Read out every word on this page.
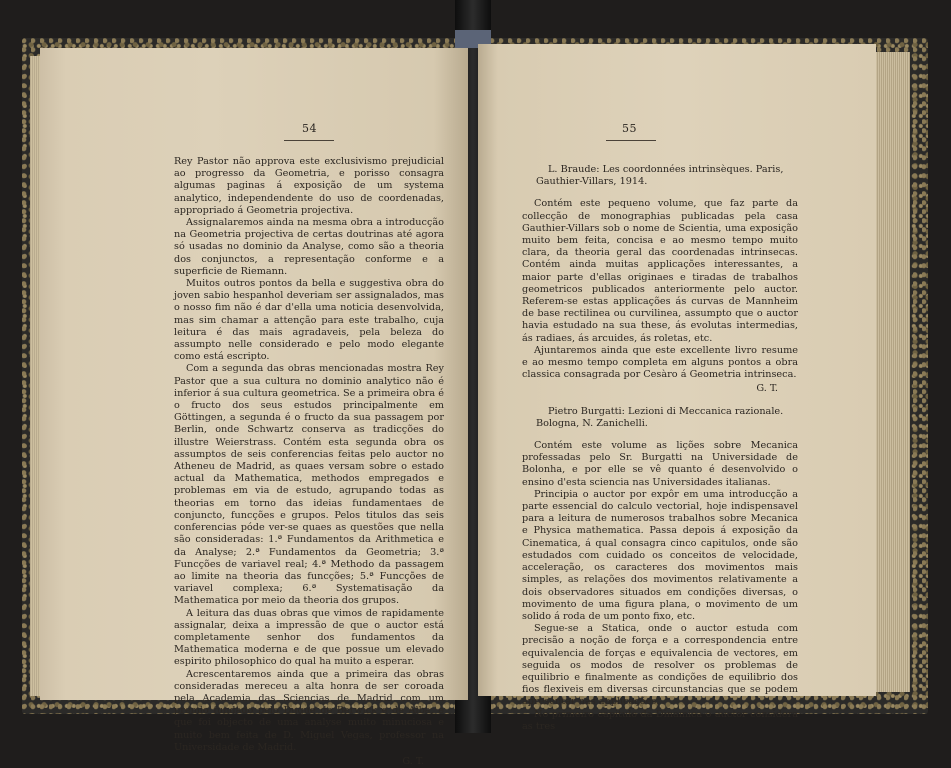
54

Rey Pastor não approva este exclusivismo prejudicial ao progresso da Geometria, e porisso consagra algumas paginas á exposição de um systema analytico, independendente do uso de coordenadas, appropriado á Geometria projectiva.

Assignalaremos ainda na mesma obra a introducção na Geometria projectiva de certas doutrinas até agora só usadas no dominio da Analyse, como são a theoria dos conjunctos, a representação conforme e a superficie de Riemann.

Muitos outros pontos da bella e suggestiva obra do joven sabio hespanhol deveriam ser assignalados, mas o nosso fim não é dar d'ella uma noticia desenvolvida, mas sim chamar a attenção para este trabalho, cuja leitura é das mais agradaveis, pela beleza do assumpto nelle considerado e pelo modo elegante como está escripto.

Com a segunda das obras mencionadas mostra Rey Pastor que a sua cultura no dominio analytico não é inferior á sua cultura geometrica. Se a primeira obra é o fructo dos seus estudos principalmente em Göttingen, a segunda é o fructo da sua passagem por Berlin, onde Schwartz conserva as tradicções do illustre Weierstrass. Contém esta segunda obra os assumptos de seis conferencias feitas pelo auctor no Atheneu de Madrid, as quaes versam sobre o estado actual da Mathematica, methodos empregados e problemas em via de estudo, agrupando todas as theorias em torno das ideias fundamentaes de conjuncto, funcções e grupos. Pelos titulos das seis conferencias póde ver-se quaes as questões que nella são consideradas: 1.ª Fundamentos da Arithmetica e da Analyse; 2.ª Fundamentos da Geometria; 3.ª Funcções de variavel real; 4.ª Methodo da passagem ao limite na theoria das funcções; 5.ª Funcções de variavel complexa; 6.ª Systematisação da Mathematica por meio da theoria dos grupos.

A leitura das duas obras que vimos de rapidamente assignalar, deixa a impressão de que o auctor está completamente senhor dos fundamentos da Mathematica moderna e de que possue um elevado espirito philosophico do qual ha muito a esperar.

Acrescentaremos ainda que a primeira das obras consideradas mereceu a alta honra de ser coroada pela Academia das Sciencias de Madrid com um premio fundado pelo Duque de Berwick e de Alba, e que foi objecto de uma analyse muito minuciosa e muito bem feita de D. Miguel Vegas, professor na Universidade de Madrid.

G. T.
55

L. Braude: Les coordonnées intrinsèques. Paris, Gauthier-Villars, 1914.

Contém este pequeno volume, que faz parte da collecção de monographias publicadas pela casa Gauthier-Villars sob o nome de Scientia, uma exposição muito bem feita, concisa e ao mesmo tempo muito clara, da theoria geral das coordenadas intrinsecas. Contém ainda muitas applicações interessantes, a maior parte d'ellas originaes e tiradas de trabalhos geometricos publicados anteriormente pelo auctor. Referem-se estas applicações ás curvas de Mannheim de base rectilinea ou curvilinea, assumpto que o auctor havia estudado na sua these, ás evolutas intermedias, ás radiaes, ás arcuides, ás roletas, etc.

Ajuntaremos ainda que este excellente livro resume e ao mesmo tempo completa em alguns pontos a obra classica consagrada por Cesàro á Geometria intrinseca.

G. T.

Pietro Burgatti: Lezioni di Meccanica razionale. Bologna, N. Zanichelli.

Contém este volume as lições sobre Mecanica professadas pelo Sr. Burgatti na Universidade de Bolonha, e por elle se vê quanto é desenvolvido o ensino d'esta sciencia nas Universidades italianas.

Principia o auctor por expôr em uma introducção a parte essencial do calculo vectorial, hoje indispensavel para a leitura de numerosos trabalhos sobre Mecanica e Physica mathematica. Passa depois á exposição da Cinematica, á qual consagra cinco capitulos, onde são estudados com cuidado os conceitos de velocidade, acceleração, os caracteres dos movimentos mais simples, as relações dos movimentos relativamente a dois observadores situados em condições diversas, o movimento de uma figura plana, o movimento de um solido á roda de um ponto fixo, etc.

Segue-se a Statica, onde o auctor estuda com precisão a noção de força e a correspondencia entre equivalencia de forças e equivalencia de vectores, em seguida os modos de resolver os problemas de equilibrio e finalmente as condições de equilibrio dos fios flexiveis em diversas circunstancias que se podem apresentar nas applicações.

No primeiro capitulo da Dinamica o auctor considera as tres
